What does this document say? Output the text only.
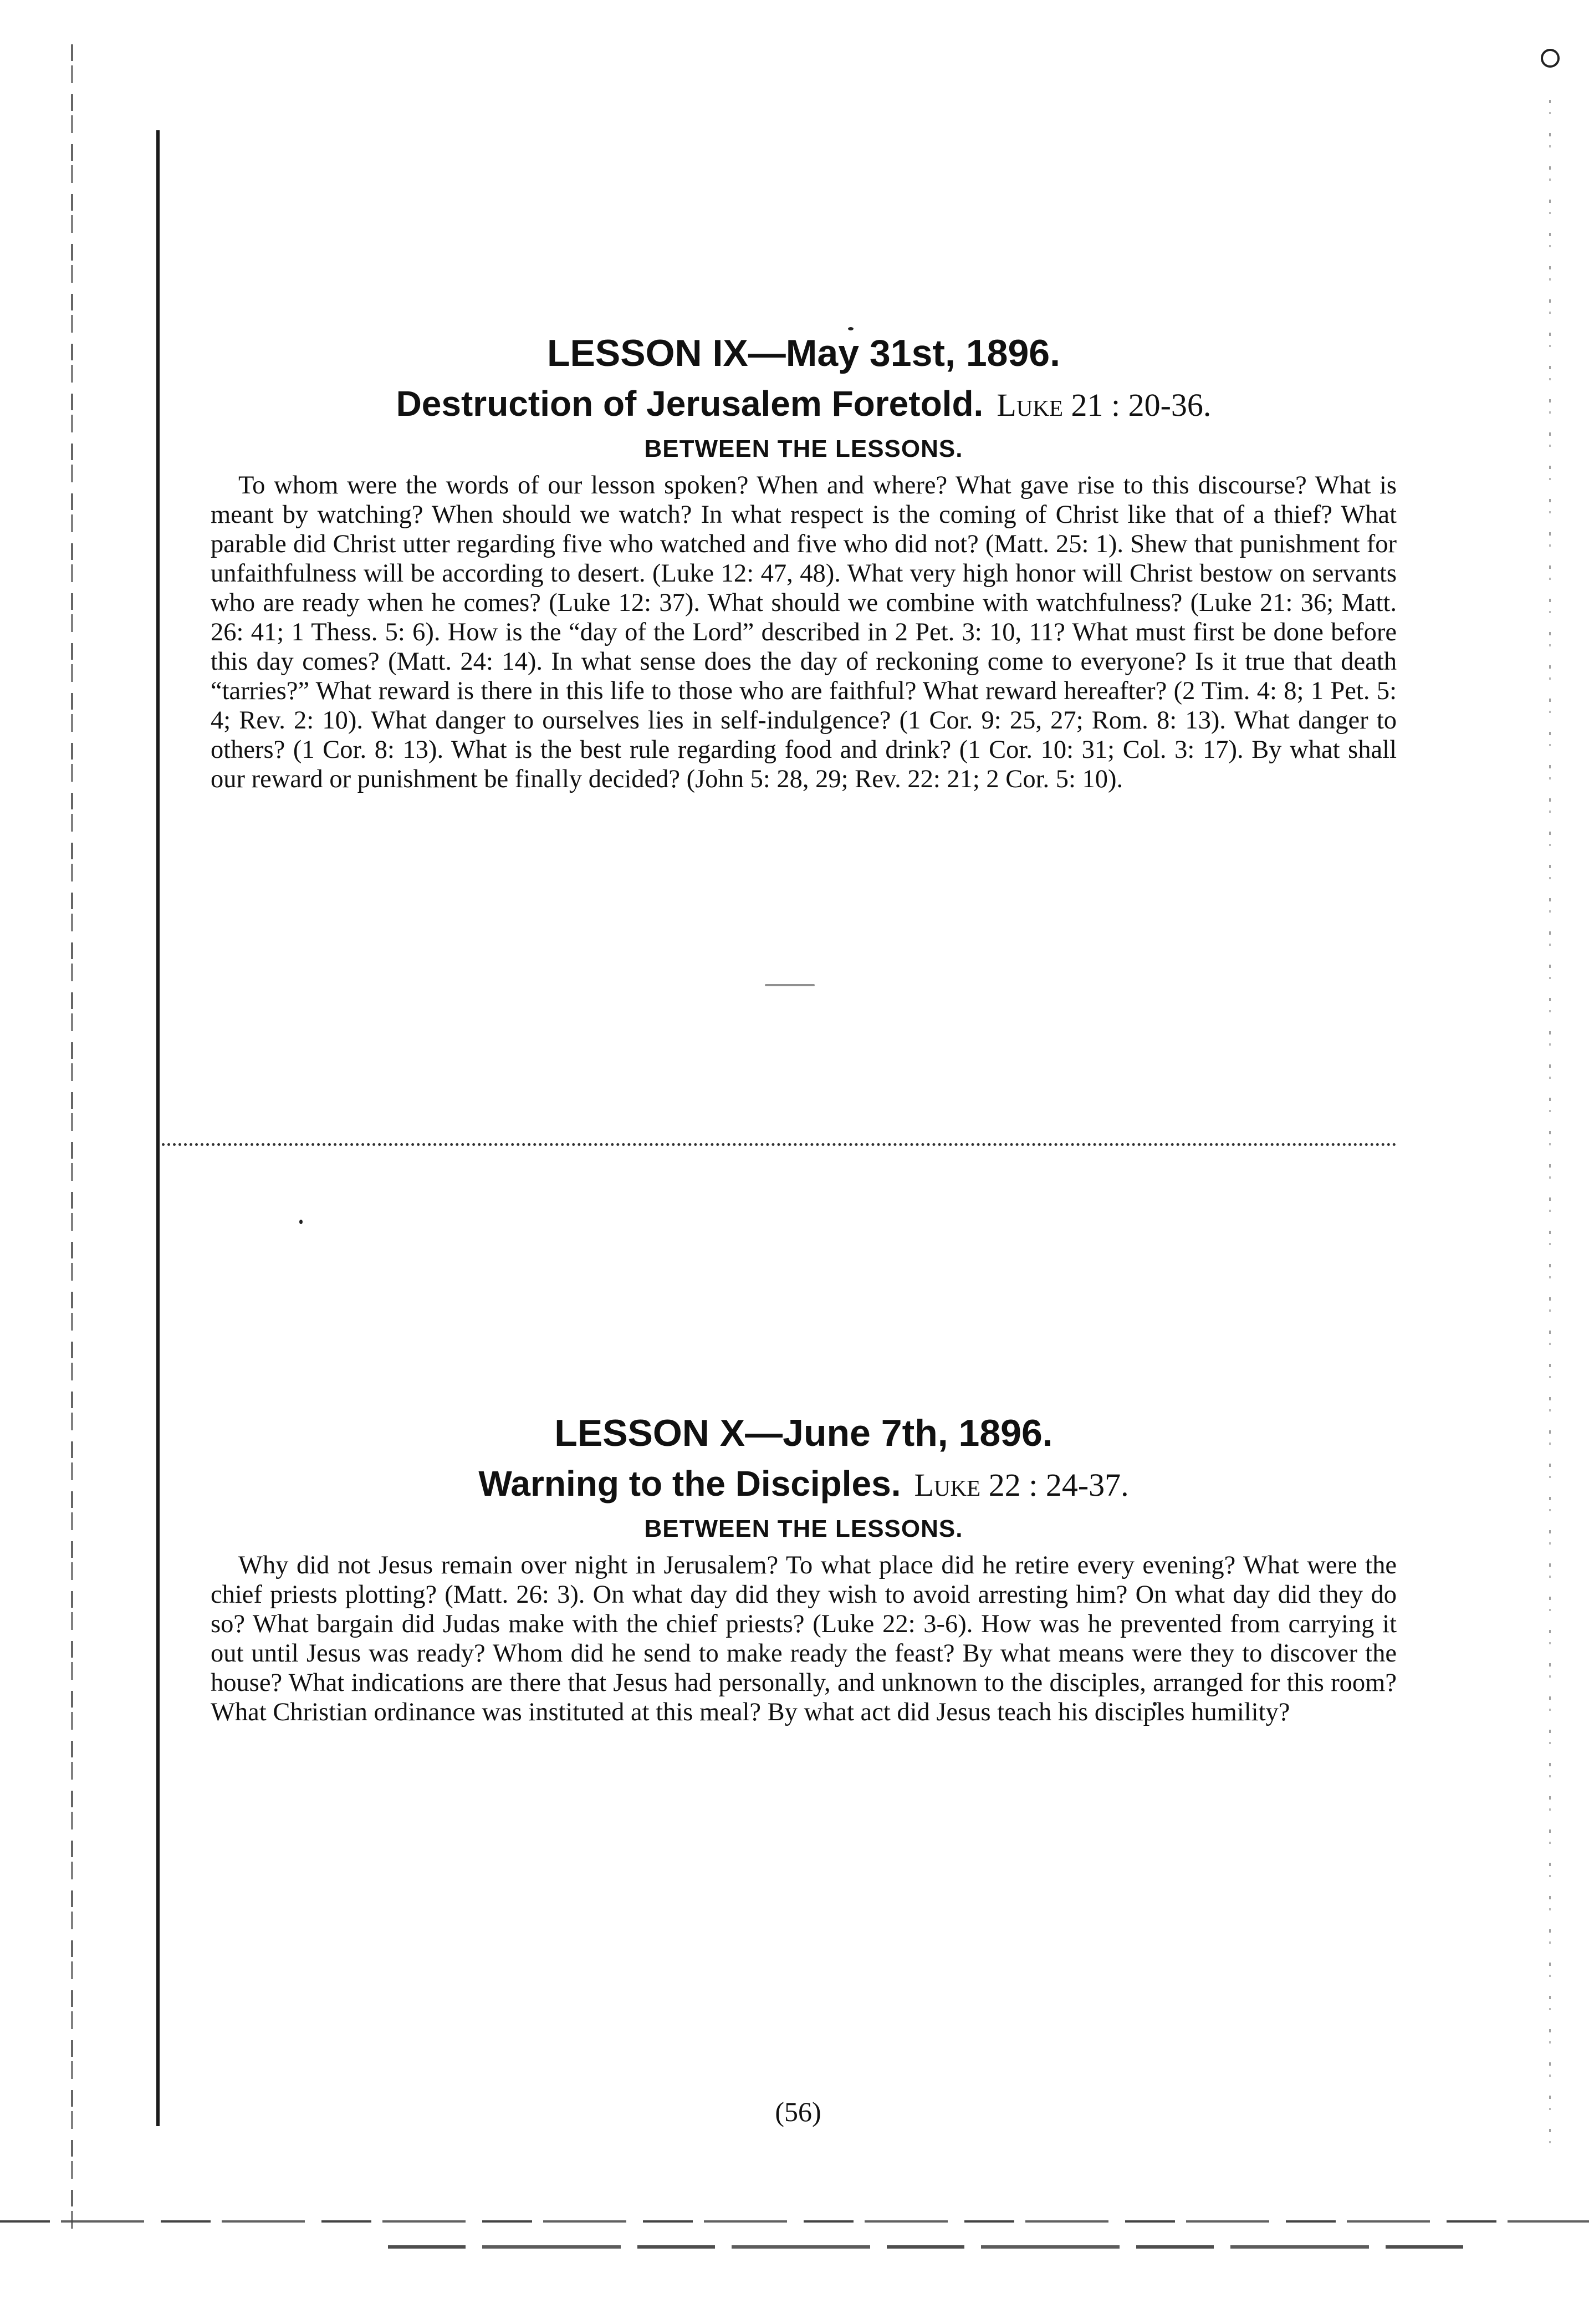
LESSON IX—May 31st, 1896.
Destruction of Jerusalem Foretold. Luke 21 : 20-36.
BETWEEN THE LESSONS.

To whom were the words of our lesson spoken? When and where? What gave rise to this discourse? What is meant by watching? When should we watch? In what respect is the coming of Christ like that of a thief? What parable did Christ utter regarding five who watched and five who did not? (Matt. 25: 1). Shew that punishment for unfaithfulness will be according to desert. (Luke 12: 47, 48). What very high honor will Christ bestow on servants who are ready when he comes? (Luke 12: 37). What should we combine with watchfulness? (Luke 21: 36; Matt. 26: 41; 1 Thess. 5: 6). How is the “day of the Lord” described in 2 Pet. 3: 10, 11? What must first be done before this day comes? (Matt. 24: 14). In what sense does the day of reckoning come to everyone? Is it true that death “tarries?” What reward is there in this life to those who are faithful? What reward hereafter? (2 Tim. 4: 8; 1 Pet. 5: 4; Rev. 2: 10). What danger to ourselves lies in self-indulgence? (1 Cor. 9: 25, 27; Rom. 8: 13). What danger to others? (1 Cor. 8: 13). What is the best rule regarding food and drink? (1 Cor. 10: 31; Col. 3: 17). By what shall our reward or punishment be finally decided? (John 5: 28, 29; Rev. 22: 21; 2 Cor. 5: 10).

LESSON X—June 7th, 1896.
Warning to the Disciples. Luke 22 : 24-37.
BETWEEN THE LESSONS.

Why did not Jesus remain over night in Jerusalem? To what place did he retire every evening? What were the chief priests plotting? (Matt. 26: 3). On what day did they wish to avoid arresting him? On what day did they do so? What bargain did Judas make with the chief priests? (Luke 22: 3-6). How was he prevented from carrying it out until Jesus was ready? Whom did he send to make ready the feast? By what means were they to discover the house? What indications are there that Jesus had personally, and unknown to the disciples, arranged for this room? What Christian ordinance was instituted at this meal? By what act did Jesus teach his disciples humility?

(56)
